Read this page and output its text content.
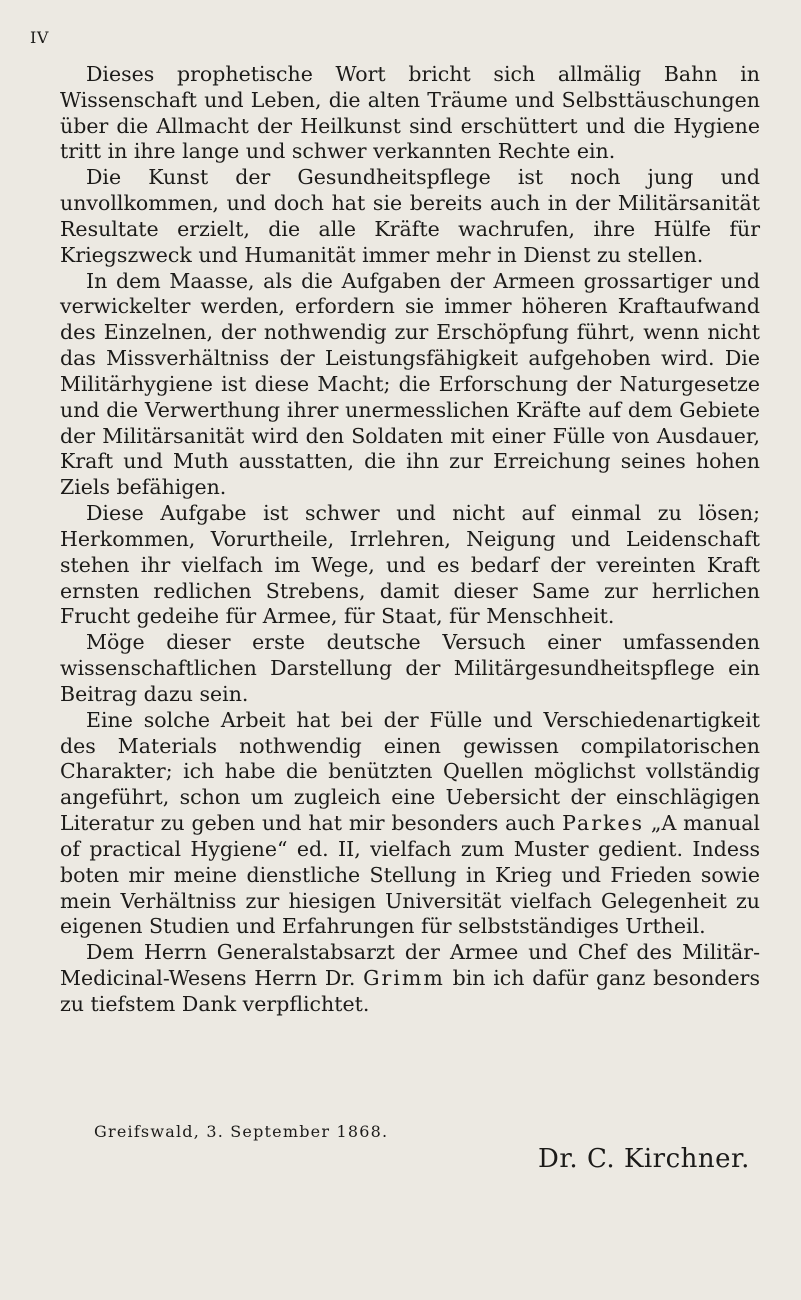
IV

Dieses prophetische Wort bricht sich allmälig Bahn in Wissenschaft und Leben, die alten Träume und Selbsttäuschungen über die Allmacht der Heilkunst sind erschüttert und die Hygiene tritt in ihre lange und schwer verkannten Rechte ein.

Die Kunst der Gesundheitspflege ist noch jung und unvollkommen, und doch hat sie bereits auch in der Militärsanität Resultate erzielt, die alle Kräfte wachrufen, ihre Hülfe für Kriegszweck und Humanität immer mehr in Dienst zu stellen.

In dem Maasse, als die Aufgaben der Armeen grossartiger und verwickelter werden, erfordern sie immer höheren Kraftaufwand des Einzelnen, der nothwendig zur Erschöpfung führt, wenn nicht das Missverhältniss der Leistungsfähigkeit aufgehoben wird. Die Militärhygiene ist diese Macht; die Erforschung der Naturgesetze und die Verwerthung ihrer unermesslichen Kräfte auf dem Gebiete der Militärsanität wird den Soldaten mit einer Fülle von Ausdauer, Kraft und Muth ausstatten, die ihn zur Erreichung seines hohen Ziels befähigen.

Diese Aufgabe ist schwer und nicht auf einmal zu lösen; Herkommen, Vorurtheile, Irrlehren, Neigung und Leidenschaft stehen ihr vielfach im Wege, und es bedarf der vereinten Kraft ernsten redlichen Strebens, damit dieser Same zur herrlichen Frucht gedeihe für Armee, für Staat, für Menschheit.

Möge dieser erste deutsche Versuch einer umfassenden wissenschaftlichen Darstellung der Militärgesundheitspflege ein Beitrag dazu sein.

Eine solche Arbeit hat bei der Fülle und Verschiedenartigkeit des Materials nothwendig einen gewissen compilatorischen Charakter; ich habe die benützten Quellen möglichst vollständig angeführt, schon um zugleich eine Uebersicht der einschlägigen Literatur zu geben und hat mir besonders auch Parkes „A manual of practical Hygiene“ ed. II, vielfach zum Muster gedient. Indess boten mir meine dienstliche Stellung in Krieg und Frieden sowie mein Verhältniss zur hiesigen Universität vielfach Gelegenheit zu eigenen Studien und Erfahrungen für selbstständiges Urtheil.

Dem Herrn Generalstabsarzt der Armee und Chef des Militär-Medicinal-Wesens Herrn Dr. Grimm bin ich dafür ganz besonders zu tiefstem Dank verpflichtet.

Greifswald, 3. September 1868.
Dr. C. Kirchner.
